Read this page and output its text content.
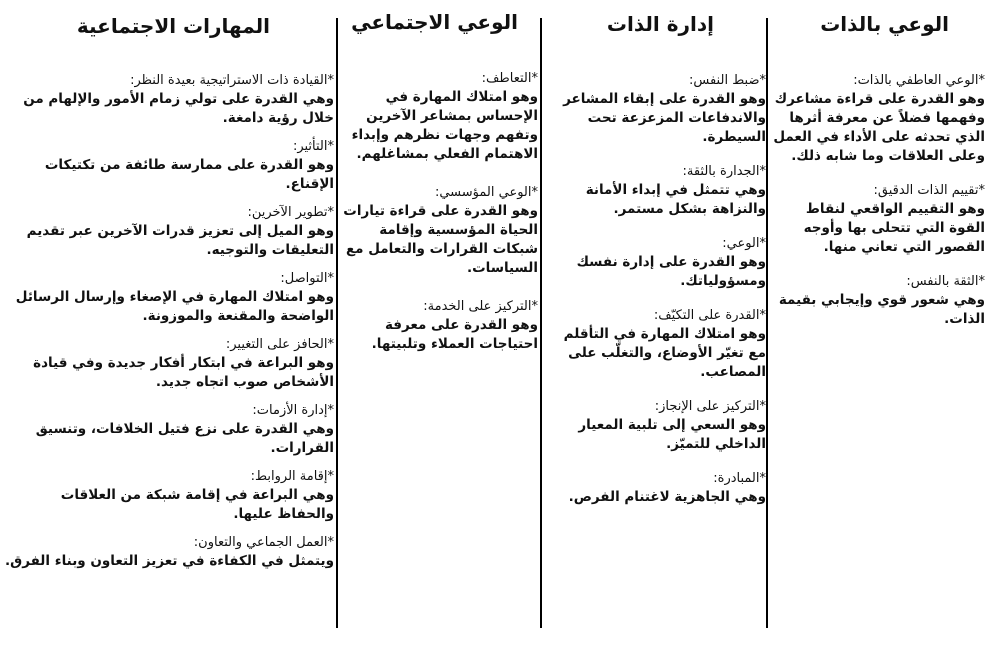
الوعي بالذات
*الوعي العاطفي بالذات:
وهو القدرة على قراءة مشاعرك وفهمها فضلاً عن معرفة أثرها الذي تحدثه على الأداء في العمل وعلى العلاقات وما شابه ذلك.
*تقييم الذات الدقيق:
وهو التقييم الواقعي لنقاط القوة التي تتحلى بها وأوجه القصور التي تعاني منها.
*الثقة بالنفس:
وهي شعور قوي وإيجابي بقيمة الذات.
إدارة الذات
*ضبط النفس:
وهو القدرة على إبقاء المشاعر والاندفاعات المزعزعة تحت السيطرة.
*الجدارة بالثقة:
وهي تتمثل في إبداء الأمانة والنزاهة بشكل مستمر.
*الوعي:
وهو القدرة على إدارة نفسك ومسؤولياتك.
*القدرة على التكيّف:
وهو امتلاك المهارة في التأقلم مع تغيّر الأوضاع، والتغلّب على المصاعب.
*التركيز على الإنجاز:
وهو السعي إلى تلبية المعيار الداخلي للتميّز.
*المبادرة:
وهي الجاهزية لاغتنام الفرص.
الوعي الاجتماعي
*التعاطف:
وهو امتلاك المهارة في الإحساس بمشاعر الآخرين وتفهم وجهات نظرهم وإبداء الاهتمام الفعلي بمشاغلهم.
*الوعي المؤسسي:
وهو القدرة على قراءة تيارات الحياة المؤسسية وإقامة شبكات القرارات والتعامل مع السياسات.
*التركيز على الخدمة:
وهو القدرة على معرفة احتياجات العملاء وتلبيتها.
المهارات الاجتماعية
*القيادة ذات الاستراتيجية بعيدة النظر:
وهي القدرة على تولي زمام الأمور والإلهام من خلال رؤية دامغة.
*التأثير:
وهو القدرة على ممارسة طائفة من تكتيكات الإقناع.
*تطوير الآخرين:
وهو الميل إلى تعزيز قدرات الآخرين عبر تقديم التعليقات والتوجيه.
*التواصل:
وهو امتلاك المهارة في الإصغاء وإرسال الرسائل الواضحة والمقنعة والموزونة.
*الحافز على التغيير:
وهو البراعة في ابتكار أفكار جديدة وفي قيادة الأشخاص صوب اتجاه جديد.
*إدارة الأزمات:
وهي القدرة على نزع فتيل الخلافات، وتنسيق القرارات.
*إقامة الروابط:
وهي البراعة في إقامة شبكة من العلاقات والحفاظ عليها.
*العمل الجماعي والتعاون:
ويتمثل في الكفاءة في تعزيز التعاون وبناء الفرق.
